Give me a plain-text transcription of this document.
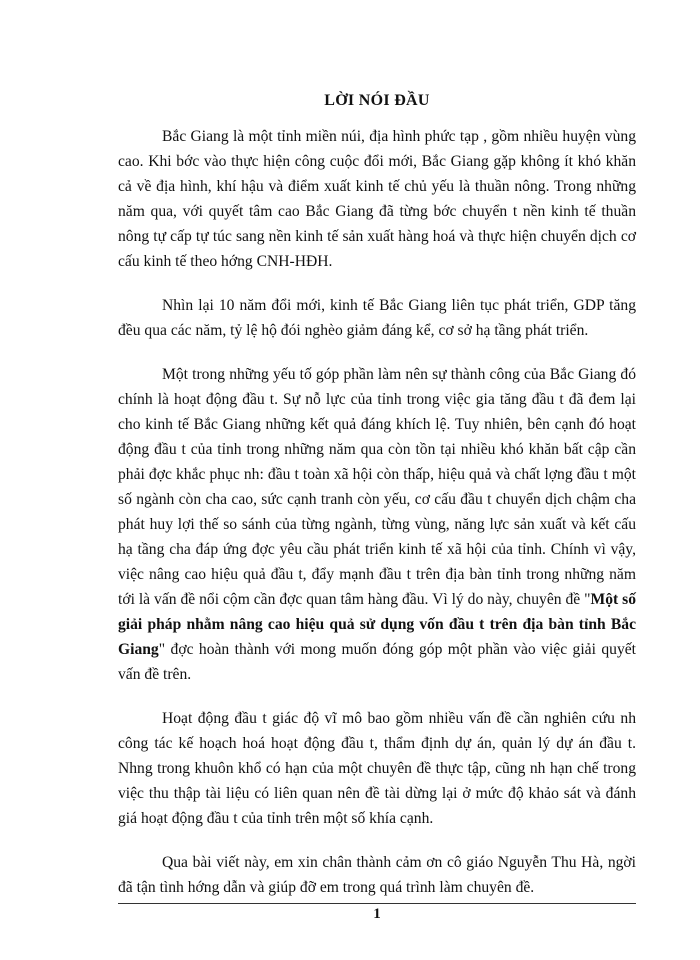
LỜI NÓI ĐẦU

Bắc Giang là một tỉnh miền núi, địa hình phức tạp , gồm nhiều huyện vùng cao. Khi bớc vào thực hiện công cuộc đổi mới, Bắc Giang gặp không ít khó khăn cả về địa hình, khí hậu và điểm xuất kinh tế chủ yếu là thuần nông. Trong những năm qua, với quyết tâm cao Bắc Giang đã từng bớc chuyển t nền kinh tế thuần nông tự cấp tự túc sang nền kinh tế sản xuất hàng hoá và thực hiện chuyển dịch cơ cấu kinh tế theo hớng CNH-HĐH.

Nhìn lại 10 năm đổi mới, kinh tế Bắc Giang liên tục phát triển, GDP tăng đều qua các năm, tỷ lệ hộ đói nghèo giảm đáng kể, cơ sở hạ tầng phát triển.

Một trong những yếu tố góp phần làm nên sự thành công của Bắc Giang đó chính là hoạt động đầu t. Sự nỗ lực của tỉnh trong việc gia tăng đầu t đã đem lại cho kinh tế Bắc Giang những kết quả đáng khích lệ. Tuy nhiên, bên cạnh đó hoạt động đầu t của tỉnh trong những năm qua còn tồn tại nhiều khó khăn bất cập cần phải đợc khắc phục nh: đầu t toàn xã hội còn thấp, hiệu quả và chất lợng đầu t một số ngành còn cha cao, sức cạnh tranh còn yếu, cơ cấu đầu t chuyển dịch chậm cha phát huy lợi thế so sánh của từng ngành, từng vùng, năng lực sản xuất và kết cấu hạ tầng cha đáp ứng đợc yêu cầu phát triển kinh tế xã hội của tỉnh. Chính vì vậy, việc nâng cao hiệu quả đầu t, đẩy mạnh đầu t trên địa bàn tỉnh trong những năm tới là vấn đề nổi cộm cần đợc quan tâm hàng đầu. Vì lý do này, chuyên đề "Một số giải pháp nhằm nâng cao hiệu quả sử dụng vốn đầu t trên địa bàn tỉnh Bắc Giang" đợc hoàn thành với mong muốn đóng góp một phần vào việc giải quyết vấn đề trên.

Hoạt động đầu t giác độ vĩ mô bao gồm nhiều vấn đề cần nghiên cứu nh công tác kế hoạch hoá hoạt động đầu t, thẩm định dự án, quản lý dự án đầu t. Nhng trong khuôn khổ có hạn của một chuyên đề thực tập, cũng nh hạn chế trong việc thu thập tài liệu có liên quan nên đề tài dừng lại ở mức độ khảo sát và đánh giá hoạt động đầu t của tỉnh trên một số khía cạnh.

Qua bài viết này, em xin chân thành cảm ơn cô giáo Nguyễn Thu Hà, ngời đã tận tình hớng dẫn và giúp đỡ em trong quá trình làm chuyên đề.

1
